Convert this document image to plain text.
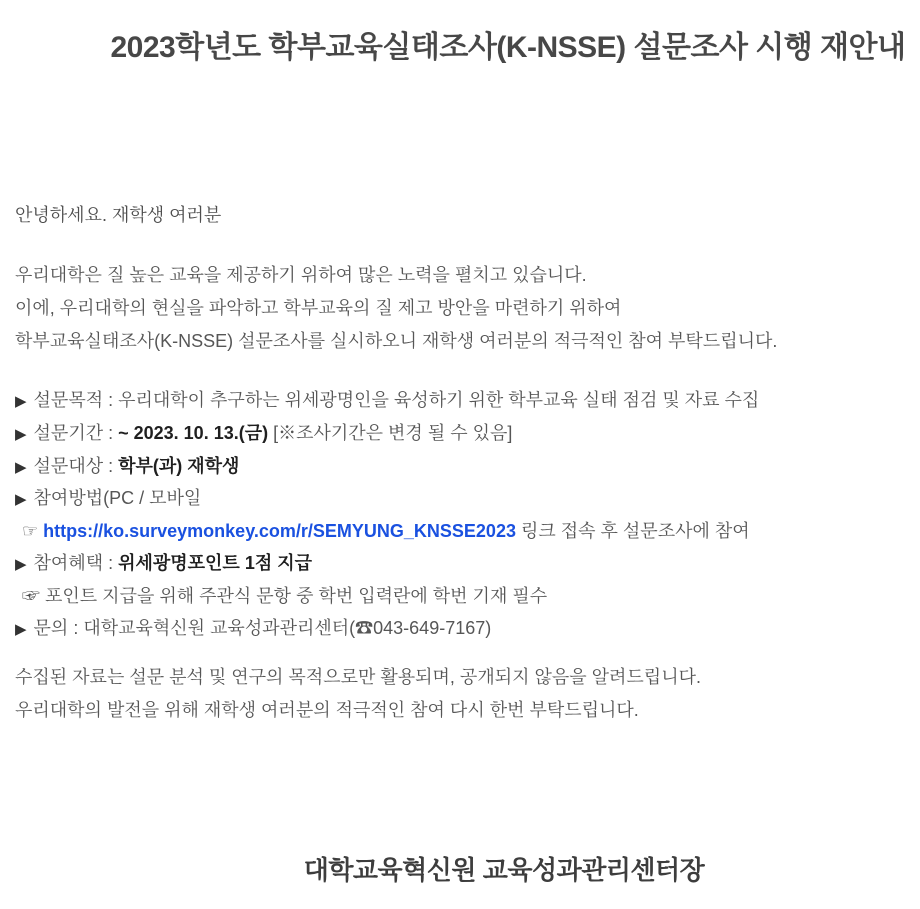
2023학년도 학부교육실태조사(K-NSSE) 설문조사 시행 재안내
안녕하세요. 재학생 여러분
우리대학은 질 높은 교육을 제공하기 위하여 많은 노력을 펼치고 있습니다.
이에, 우리대학의 현실을 파악하고 학부교육의 질 제고 방안을 마련하기 위하여
학부교육실태조사(K-NSSE) 설문조사를 실시하오니 재학생 여러분의 적극적인 참여 부탁드립니다.
▶ 설문목적 : 우리대학이 추구하는 위세광명인을 육성하기 위한 학부교육 실태 점검 및 자료 수집
▶ 설문기간 : ~ 2023. 10. 13.(금) [※조사기간은 변경 될 수 있음]
▶ 설문대상 : 학부(과) 재학생
▶ 참여방법(PC / 모바일
☞ https://ko.surveymonkey.com/r/SEMYUNG_KNSSE2023 링크 접속 후 설문조사에 참여
▶ 참여혜택 : 위세광명포인트 1점 지급
☞ 포인트 지급을 위해 주관식 문항 중 학번 입력란에 학번 기재 필수
▶ 문의 : 대학교육혁신원 교육성과관리센터(☎043-649-7167)
수집된 자료는 설문 분석 및 연구의 목적으로만 활용되며, 공개되지 않음을 알려드립니다.
우리대학의 발전을 위해 재학생 여러분의 적극적인 참여 다시 한번 부탁드립니다.
대학교육혁신원 교육성과관리센터장
